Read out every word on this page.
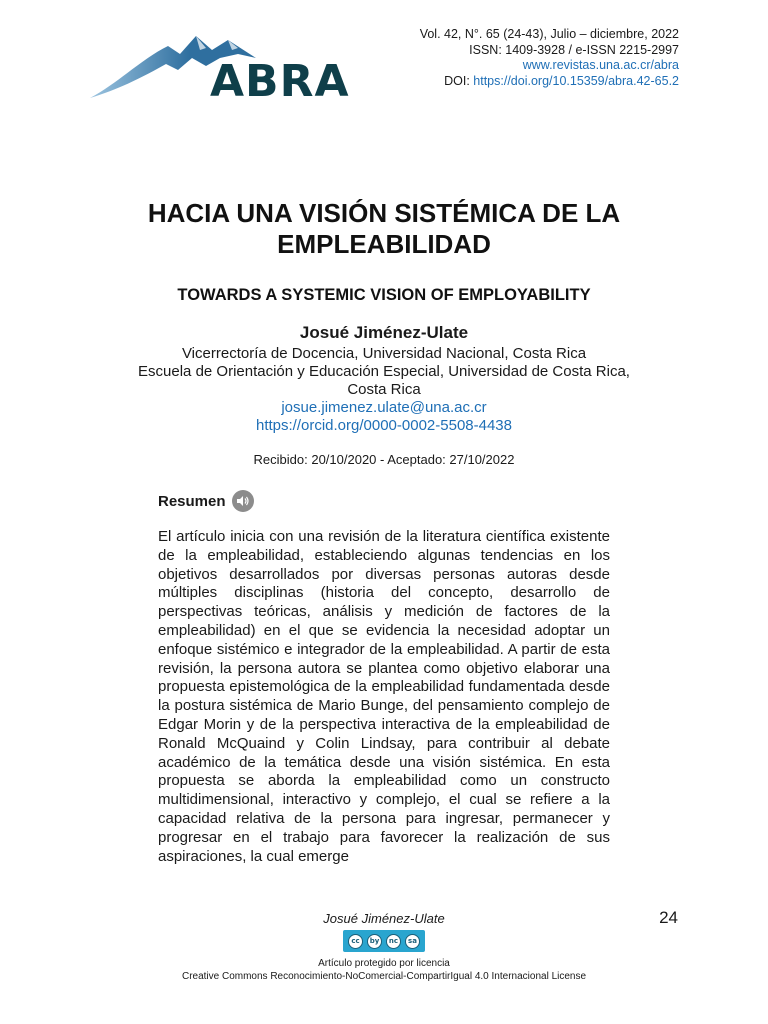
ABRA
Vol. 42, N°. 65 (24-43), Julio – diciembre, 2022
ISSN: 1409-3928 / e-ISSN 2215-2997
www.revistas.una.ac.cr/abra
DOI: https://doi.org/10.15359/abra.42-65.2
HACIA UNA VISIÓN SISTÉMICA DE LA
EMPLEABILIDAD
TOWARDS A SYSTEMIC VISION OF EMPLOYABILITY
Josué Jiménez-Ulate
Vicerrectoría de Docencia, Universidad Nacional, Costa Rica
Escuela de Orientación y Educación Especial, Universidad de Costa Rica,
Costa Rica
josue.jimenez.ulate@una.ac.cr
https://orcid.org/0000-0002-5508-4438
Recibido: 20/10/2020 - Aceptado: 27/10/2022
Resumen

El artículo inicia con una revisión de la literatura científica existente de la empleabilidad, estableciendo algunas tendencias en los objetivos desarrollados por diversas personas autoras desde múltiples disciplinas (historia del concepto, desarrollo de perspectivas teóricas, análisis y medición de factores de la empleabilidad) en el que se evidencia la necesidad adoptar un enfoque sistémico e integrador de la empleabilidad. A partir de esta revisión, la persona autora se plantea como objetivo elaborar una propuesta epistemológica de la empleabilidad fundamentada desde la postura sistémica de Mario Bunge, del pensamiento complejo de Edgar Morin y de la perspectiva interactiva de la empleabilidad de Ronald McQuaind y Colin Lindsay, para contribuir al debate académico de la temática desde una visión sistémica. En esta propuesta se aborda la empleabilidad como un constructo multidimensional, interactivo y complejo, el cual se refiere a la capacidad relativa de la persona para ingresar, permanecer y progresar en el trabajo para favorecer la realización de sus aspiraciones, la cual emerge

Josué Jiménez-Ulate	24
cc	by	nc	sa
Artículo protegido por licencia
Creative Commons Reconocimiento-NoComercial-CompartirIgual 4.0 Internacional License
